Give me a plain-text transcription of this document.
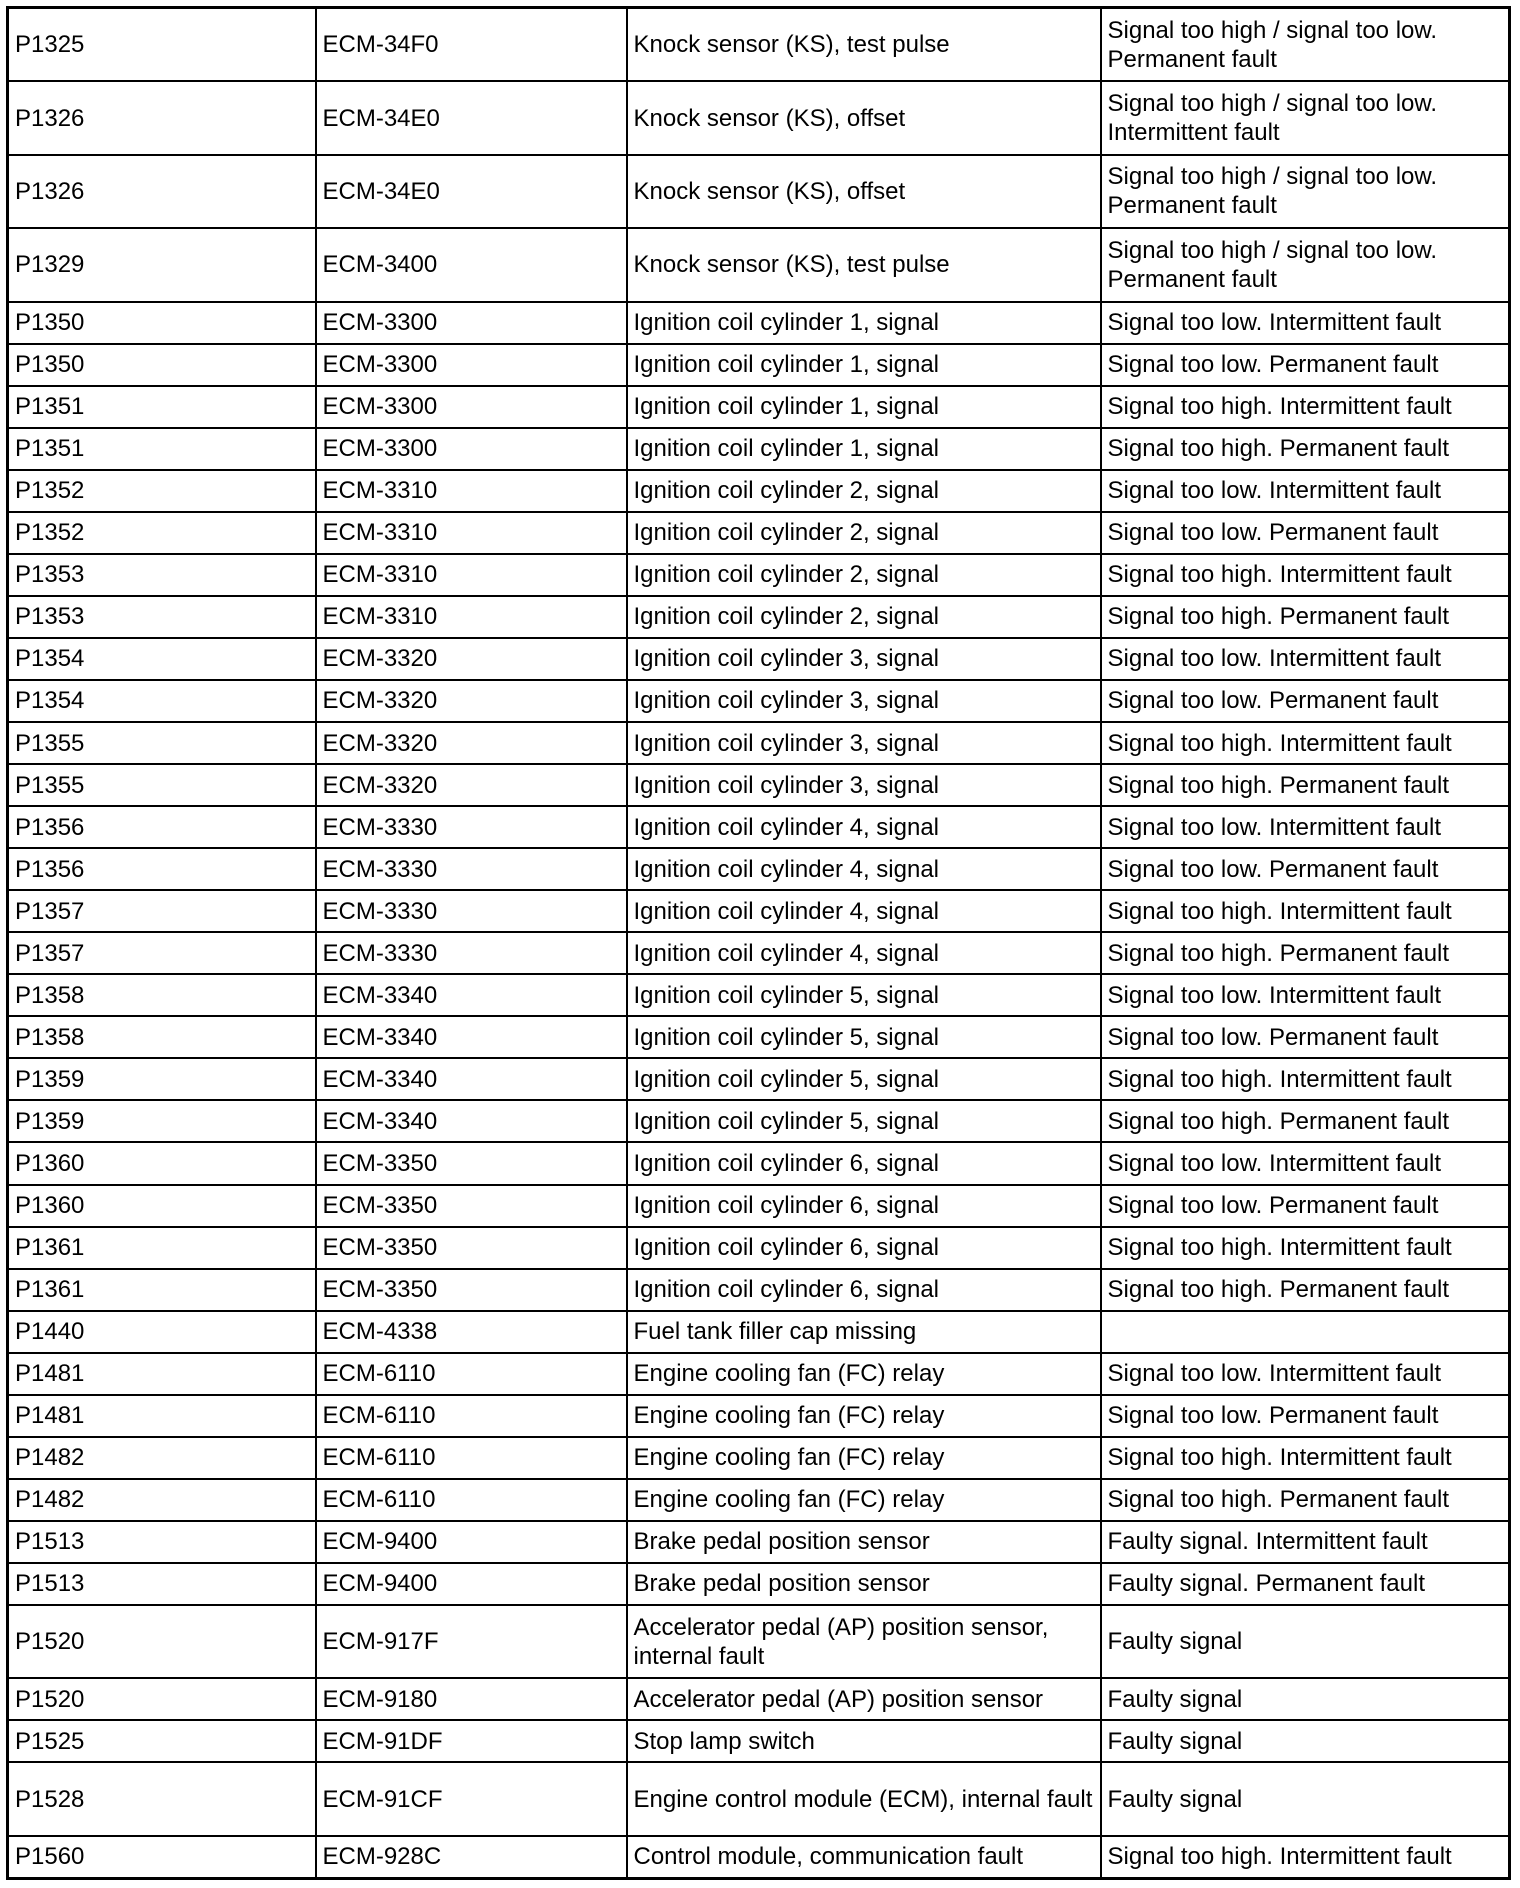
P1325	ECM-34F0	Knock sensor (KS), test pulse	Signal too high / signal too low. Permanent fault
P1326	ECM-34E0	Knock sensor (KS), offset	Signal too high / signal too low. Intermittent fault
P1326	ECM-34E0	Knock sensor (KS), offset	Signal too high / signal too low. Permanent fault
P1329	ECM-3400	Knock sensor (KS), test pulse	Signal too high / signal too low. Permanent fault
P1350	ECM-3300	Ignition coil cylinder 1, signal	Signal too low. Intermittent fault
P1350	ECM-3300	Ignition coil cylinder 1, signal	Signal too low. Permanent fault
P1351	ECM-3300	Ignition coil cylinder 1, signal	Signal too high. Intermittent fault
P1351	ECM-3300	Ignition coil cylinder 1, signal	Signal too high. Permanent fault
P1352	ECM-3310	Ignition coil cylinder 2, signal	Signal too low. Intermittent fault
P1352	ECM-3310	Ignition coil cylinder 2, signal	Signal too low. Permanent fault
P1353	ECM-3310	Ignition coil cylinder 2, signal	Signal too high. Intermittent fault
P1353	ECM-3310	Ignition coil cylinder 2, signal	Signal too high. Permanent fault
P1354	ECM-3320	Ignition coil cylinder 3, signal	Signal too low. Intermittent fault
P1354	ECM-3320	Ignition coil cylinder 3, signal	Signal too low. Permanent fault
P1355	ECM-3320	Ignition coil cylinder 3, signal	Signal too high. Intermittent fault
P1355	ECM-3320	Ignition coil cylinder 3, signal	Signal too high. Permanent fault
P1356	ECM-3330	Ignition coil cylinder 4, signal	Signal too low. Intermittent fault
P1356	ECM-3330	Ignition coil cylinder 4, signal	Signal too low. Permanent fault
P1357	ECM-3330	Ignition coil cylinder 4, signal	Signal too high. Intermittent fault
P1357	ECM-3330	Ignition coil cylinder 4, signal	Signal too high. Permanent fault
P1358	ECM-3340	Ignition coil cylinder 5, signal	Signal too low. Intermittent fault
P1358	ECM-3340	Ignition coil cylinder 5, signal	Signal too low. Permanent fault
P1359	ECM-3340	Ignition coil cylinder 5, signal	Signal too high. Intermittent fault
P1359	ECM-3340	Ignition coil cylinder 5, signal	Signal too high. Permanent fault
P1360	ECM-3350	Ignition coil cylinder 6, signal	Signal too low. Intermittent fault
P1360	ECM-3350	Ignition coil cylinder 6, signal	Signal too low. Permanent fault
P1361	ECM-3350	Ignition coil cylinder 6, signal	Signal too high. Intermittent fault
P1361	ECM-3350	Ignition coil cylinder 6, signal	Signal too high. Permanent fault
P1440	ECM-4338	Fuel tank filler cap missing	
P1481	ECM-6110	Engine cooling fan (FC) relay	Signal too low. Intermittent fault
P1481	ECM-6110	Engine cooling fan (FC) relay	Signal too low. Permanent fault
P1482	ECM-6110	Engine cooling fan (FC) relay	Signal too high. Intermittent fault
P1482	ECM-6110	Engine cooling fan (FC) relay	Signal too high. Permanent fault
P1513	ECM-9400	Brake pedal position sensor	Faulty signal. Intermittent fault
P1513	ECM-9400	Brake pedal position sensor	Faulty signal. Permanent fault
P1520	ECM-917F	Accelerator pedal (AP) position sensor, internal fault	Faulty signal
P1520	ECM-9180	Accelerator pedal (AP) position sensor	Faulty signal
P1525	ECM-91DF	Stop lamp switch	Faulty signal
P1528	ECM-91CF	Engine control module (ECM), internal fault	Faulty signal
P1560	ECM-928C	Control module, communication fault	Signal too high. Intermittent fault
